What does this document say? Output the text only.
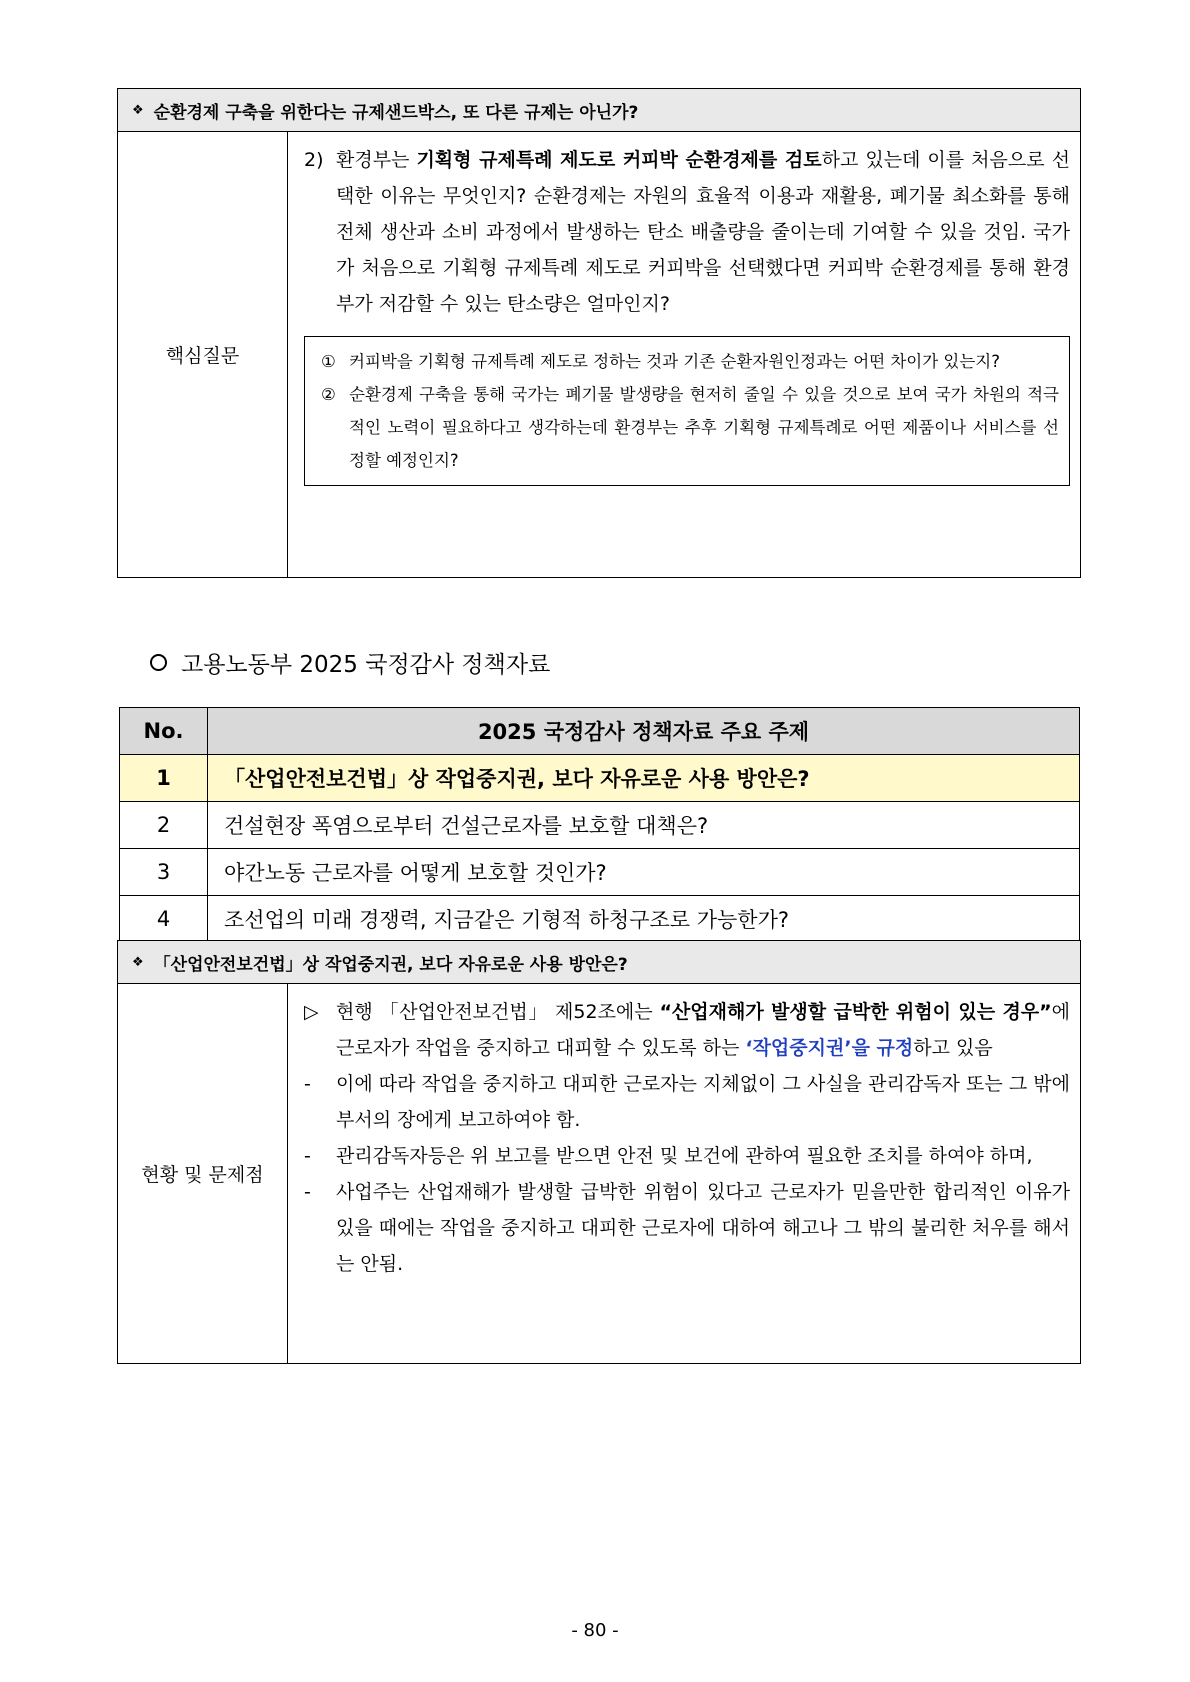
❖ 순환경제 구축을 위한다는 규제샌드박스, 또 다른 규제는 아닌가?
핵심질문
2) 환경부는 기획형 규제특례 제도로 커피박 순환경제를 검토하고 있는데 이를 처음으로 선택한 이유는 무엇인지? 순환경제는 자원의 효율적 이용과 재활용, 폐기물 최소화를 통해 전체 생산과 소비 과정에서 발생하는 탄소 배출량을 줄이는데 기여할 수 있을 것임. 국가가 처음으로 기획형 규제특례 제도로 커피박을 선택했다면 커피박 순환경제를 통해 환경부가 저감할 수 있는 탄소량은 얼마인지?
① 커피박을 기획형 규제특례 제도로 정하는 것과 기존 순환자원인정과는 어떤 차이가 있는지?
② 순환경제 구축을 통해 국가는 폐기물 발생량을 현저히 줄일 수 있을 것으로 보여 국가 차원의 적극적인 노력이 필요하다고 생각하는데 환경부는 추후 기획형 규제특례로 어떤 제품이나 서비스를 선정할 예정인지?
고용노동부 2025 국정감사 정책자료
No.	2025 국정감사 정책자료 주요 주제
1	「산업안전보건법」상 작업중지권, 보다 자유로운 사용 방안은?
2	건설현장 폭염으로부터 건설근로자를 보호할 대책은?
3	야간노동 근로자를 어떻게 보호할 것인가?
4	조선업의 미래 경쟁력, 지금같은 기형적 하청구조로 가능한가?
❖ 「산업안전보건법」상 작업중지권, 보다 자유로운 사용 방안은?
현황 및 문제점
▷ 현행 「산업안전보건법」 제52조에는 “산업재해가 발생할 급박한 위험이 있는 경우”에 근로자가 작업을 중지하고 대피할 수 있도록 하는 ‘작업중지권’을 규정하고 있음
-	이에 따라 작업을 중지하고 대피한 근로자는 지체없이 그 사실을 관리감독자 또는 그 밖에 부서의 장에게 보고하여야 함.
-	관리감독자등은 위 보고를 받으면 안전 및 보건에 관하여 필요한 조치를 하여야 하며,
-	사업주는 산업재해가 발생할 급박한 위험이 있다고 근로자가 믿을만한 합리적인 이유가 있을 때에는 작업을 중지하고 대피한 근로자에 대하여 해고나 그 밖의 불리한 처우를 해서는 안됨.
- 80 -
